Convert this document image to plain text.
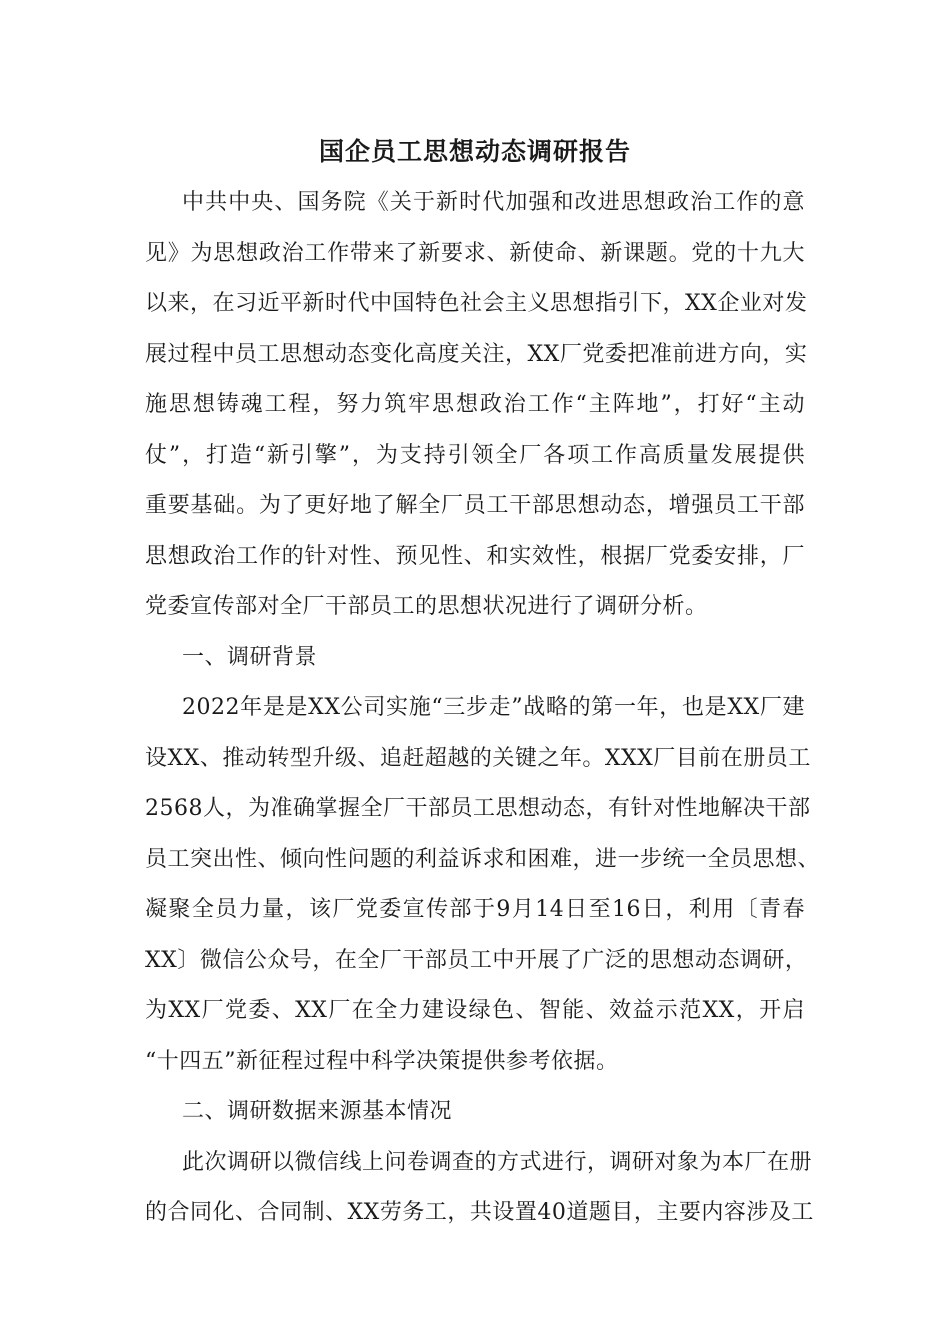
国企员工思想动态调研报告
中共中央、国务院《关于新时代加强和改进思想政治工作的意
见》为思想政治工作带来了新要求、新使命、新课题。党的十九大
以来，在习近平新时代中国特色社会主义思想指引下，XX企业对发
展过程中员工思想动态变化高度关注，XX厂党委把准前进方向，实
施思想铸魂工程，努力筑牢思想政治工作“主阵地”，打好“主动
仗”，打造“新引擎”，为支持引领全厂各项工作高质量发展提供
重要基础。为了更好地了解全厂员工干部思想动态，增强员工干部
思想政治工作的针对性、预见性、和实效性，根据厂党委安排，厂
党委宣传部对全厂干部员工的思想状况进行了调研分析。
一、调研背景
2022年是是XX公司实施“三步走”战略的第一年，也是XX厂建
设XX、推动转型升级、追赶超越的关键之年。XXX厂目前在册员工
2568人，为准确掌握全厂干部员工思想动态，有针对性地解决干部
员工突出性、倾向性问题的利益诉求和困难，进一步统一全员思想、
凝聚全员力量，该厂党委宣传部于9月14日至16日，利用〔青春
XX〕微信公众号，在全厂干部员工中开展了广泛的思想动态调研，
为XX厂党委、XX厂在全力建设绿色、智能、效益示范XX，开启
“十四五”新征程过程中科学决策提供参考依据。
二、调研数据来源基本情况
此次调研以微信线上问卷调查的方式进行，调研对象为本厂在册
的合同化、合同制、XX劳务工，共设置40道题目，主要内容涉及工
